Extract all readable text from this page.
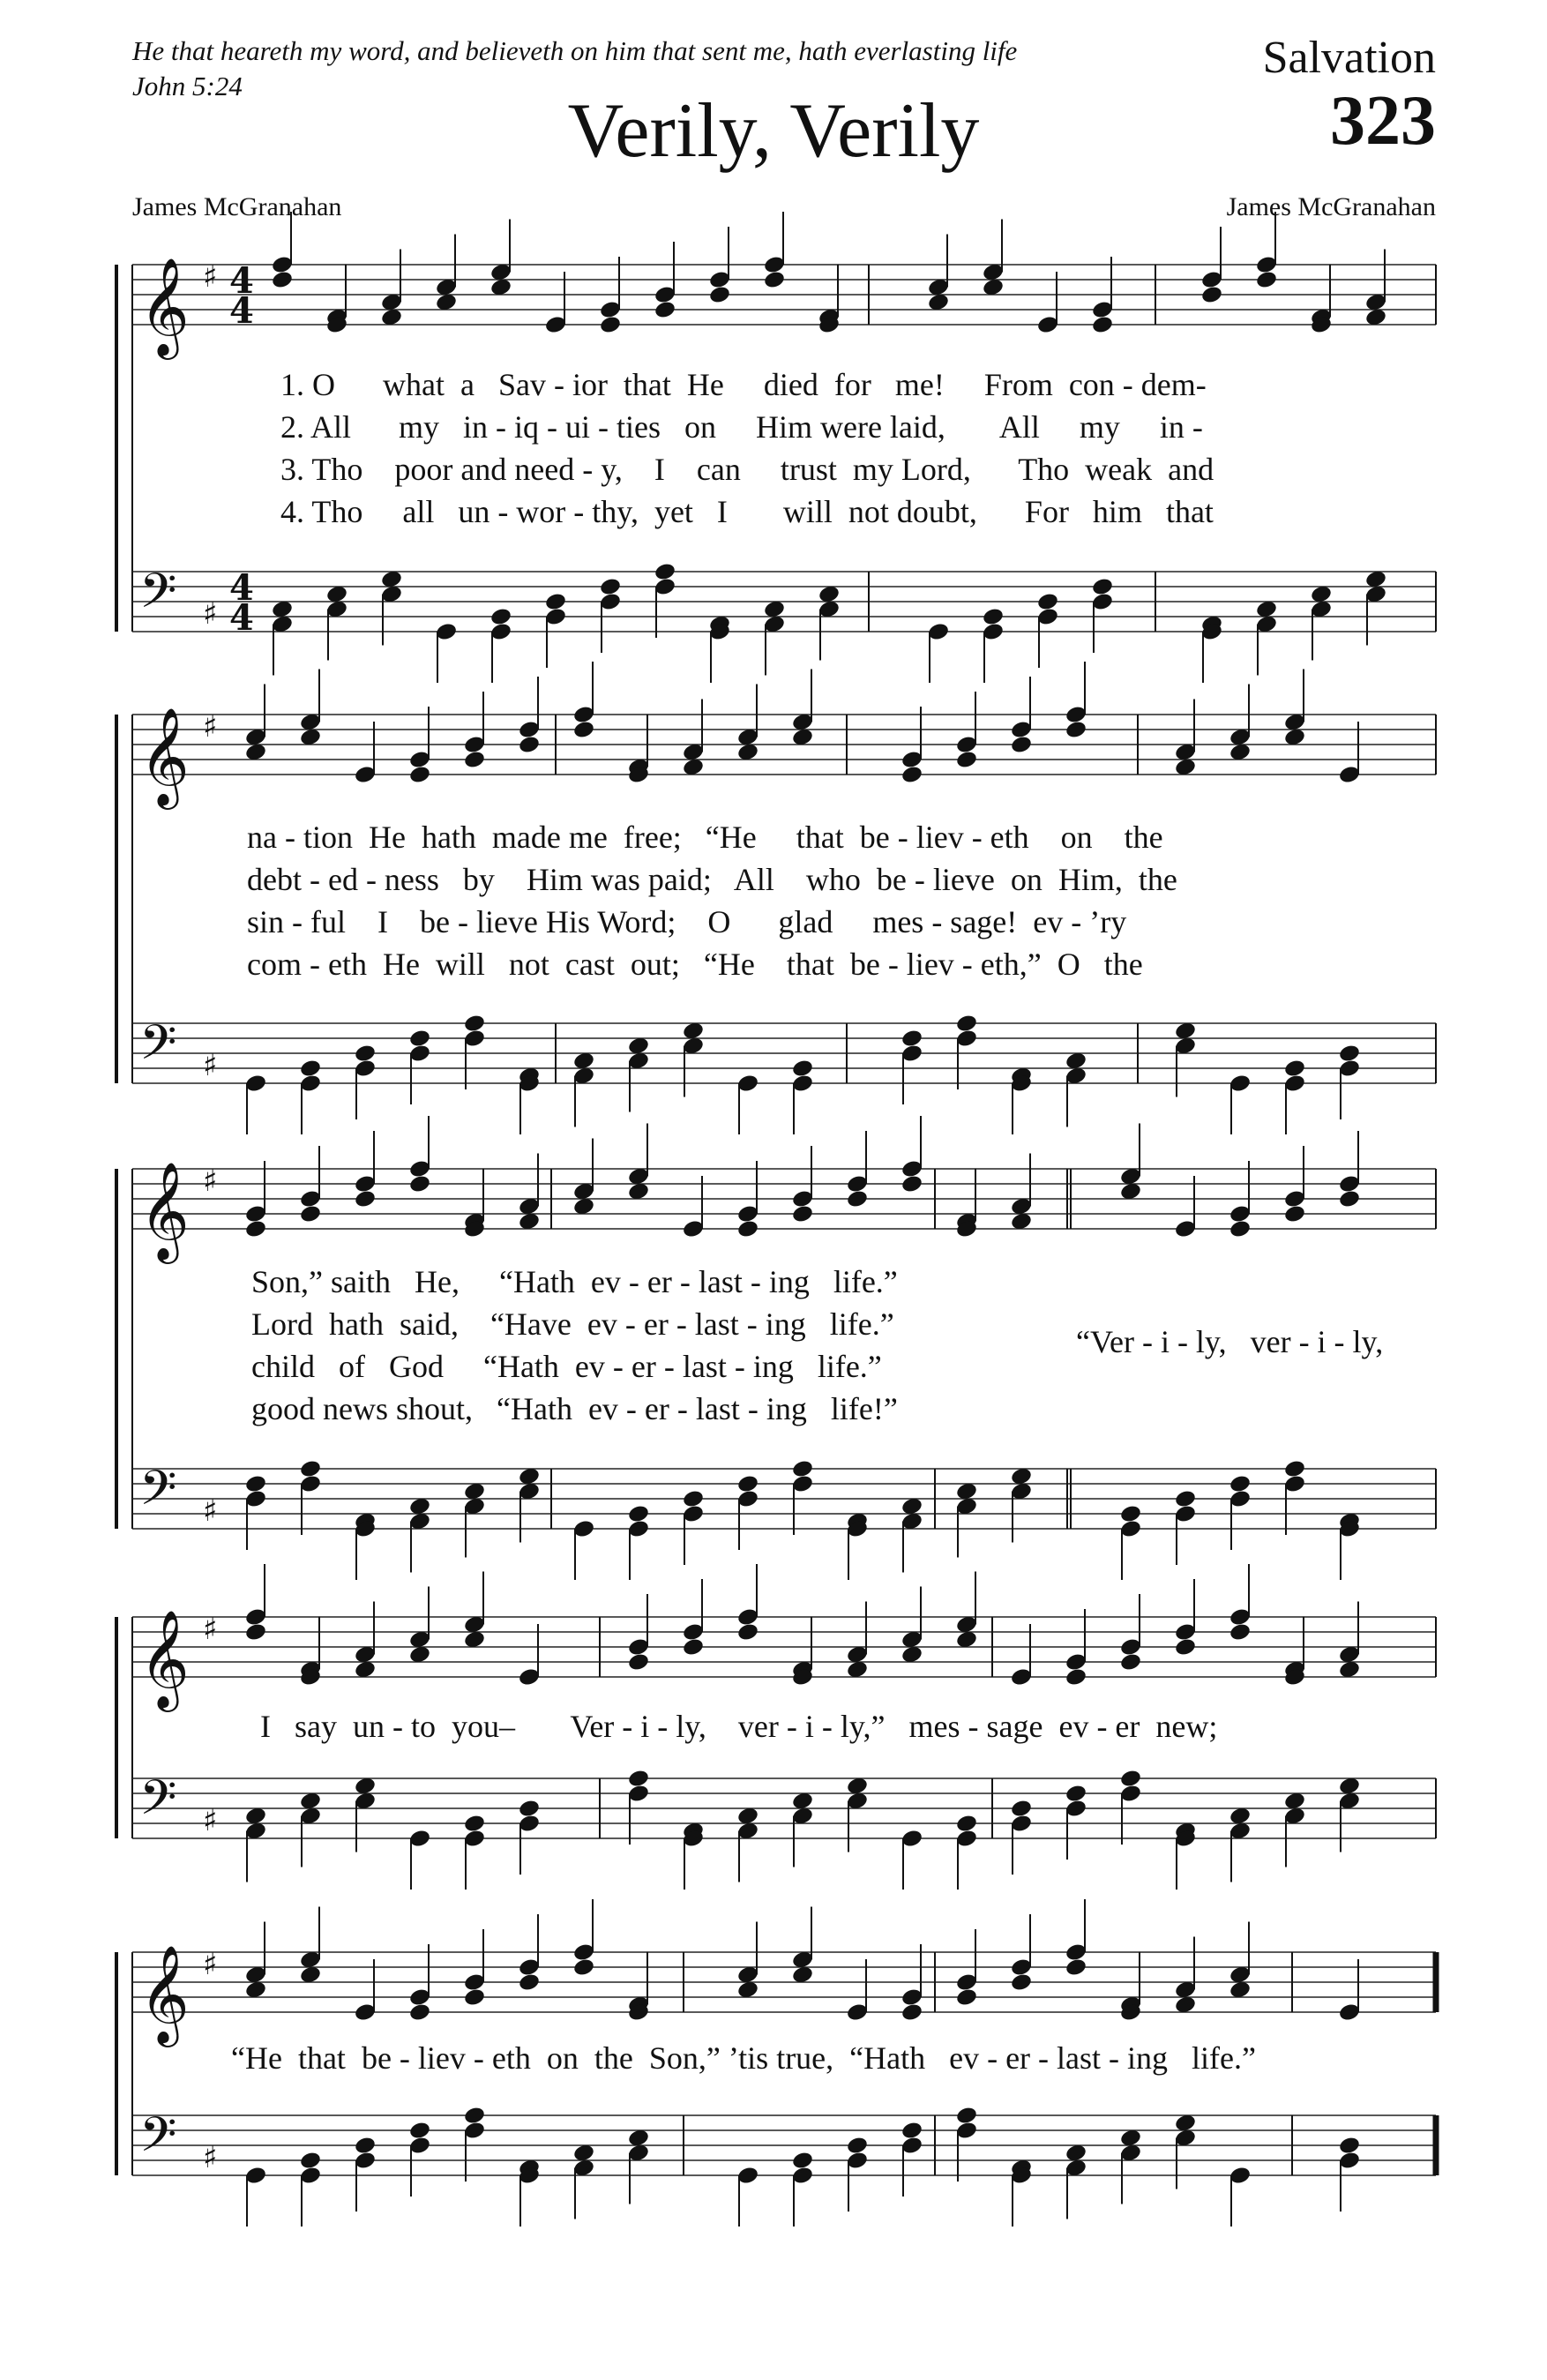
He that heareth my word, and believeth on him that sent me, hath everlasting life
John 5:24
Salvation
323
Verily, Verily
James McGranahan	James McGranahan
𝄞 ♯ 4
4
𝄢 ♯
4
4
𝄞 ♯
𝄢 ♯
𝄞 ♯
𝄢 ♯
𝄞 ♯
𝄢 ♯
𝄞 ♯
𝄢 ♯
1. O      what  a   Sav - ior  that  He     died  for   me!     From  con - dem-
2. All      my   in - iq - ui - ties   on     Him were laid,       All     my     in -
3. Tho    poor and need - y,    I    can     trust  my Lord,      Tho  weak  and
4. Tho     all   un - wor - thy,  yet   I       will  not doubt,      For   him   that
na - tion  He  hath  made me  free;   “He     that  be - liev - eth    on    the
debt - ed - ness   by    Him was paid;   All    who  be - lieve  on  Him,  the
sin - ful    I    be - lieve His Word;    O      glad     mes - sage!  ev - ’ry
com - eth  He  will   not  cast  out;   “He    that  be - liev - eth,”  O   the
Son,” saith   He,     “Hath  ev - er - last - ing   life.”
Lord  hath  said,    “Have  ev - er - last - ing   life.”
child   of   God     “Hath  ev - er - last - ing   life.”
good news shout,   “Hath  ev - er - last - ing   life!”
“Ver - i - ly,   ver - i - ly,
I   say  un - to  you–       Ver - i - ly,    ver - i - ly,”   mes - sage  ev - er  new;
“He  that  be - liev - eth  on  the  Son,” ’tis true,  “Hath   ev - er - last - ing   life.”
